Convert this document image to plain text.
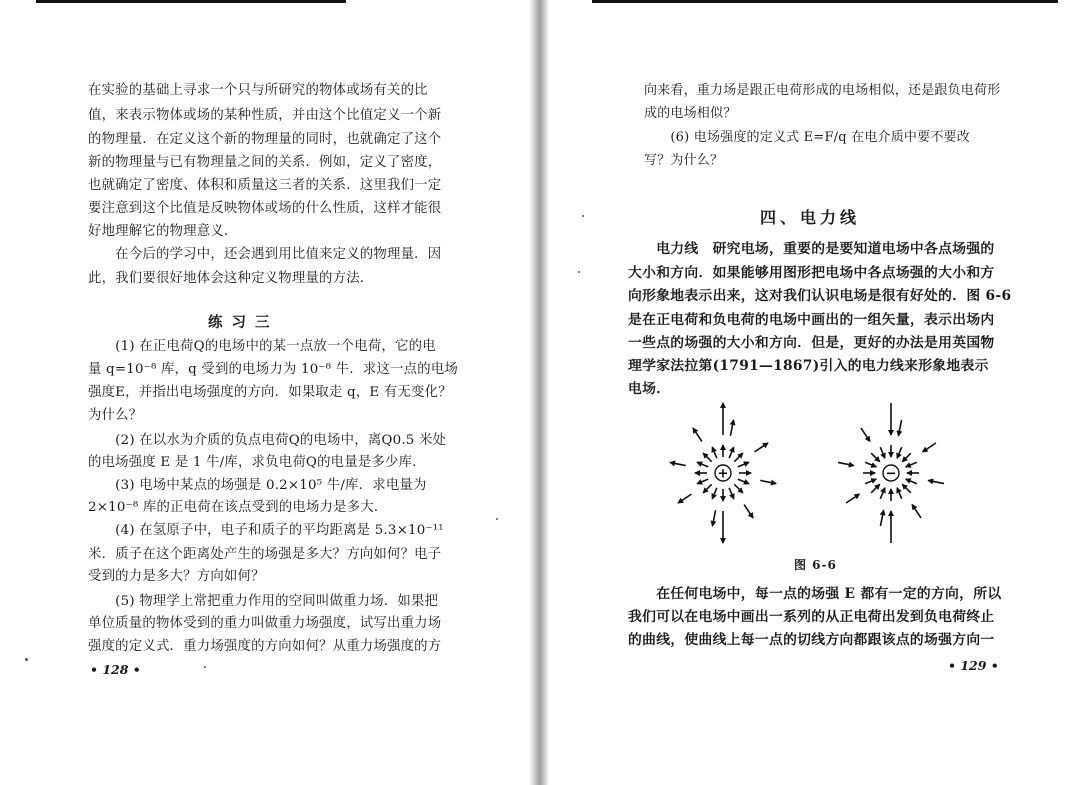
在实验的基础上寻求一个只与所研究的物体或场有关的比
值，来表示物体或场的某种性质，并由这个比值定义一个新
的物理量．在定义这个新的物理量的同时，也就确定了这个
新的物理量与已有物理量之间的关系．例如，定义了密度，
也就确定了密度、体积和质量这三者的关系．这里我们一定
要注意到这个比值是反映物体或场的什么性质，这样才能很
好地理解它的物理意义．
　　在今后的学习中，还会遇到用比值来定义的物理量．因
此，我们要很好地体会这种定义物理量的方法．
练习三
　　(1) 在正电荷Q的电场中的某一点放一个电荷，它的电
量 q=10⁻⁸ 库，q 受到的电场力为 10⁻⁸ 牛．求这一点的电场
强度E，并指出电场强度的方向．如果取走 q，E 有无变化？
为什么？
　　(2) 在以水为介质的负点电荷Q的电场中，离Q0.5 米处
的电场强度 E 是 1 牛/库，求负电荷Q的电量是多少库．
　　(3) 电场中某点的场强是 0.2×10⁵ 牛/库．求电量为
2×10⁻⁸ 库的正电荷在该点受到的电场力是多大．
　　(4) 在氢原子中，电子和质子的平均距离是 5.3×10⁻¹¹
米．质子在这个距离处产生的场强是多大？方向如何？电子
受到的力是多大？方向如何？
　　(5) 物理学上常把重力作用的空间叫做重力场．如果把
单位质量的物体受到的重力叫做重力场强度，试写出重力场
强度的定义式．重力场强度的方向如何？从重力场强度的方
• 128 •
向来看，重力场是跟正电荷形成的电场相似，还是跟负电荷形
成的电场相似？
　　(6) 电场强度的定义式 E=F/q 在电介质中要不要改
写？为什么？
四、电力线
　　电力线　研究电场，重要的是要知道电场中各点场强的
大小和方向．如果能够用图形把电场中各点场强的大小和方
向形象地表示出来，这对我们认识电场是很有好处的．图 6-6
是在正电荷和负电荷的电场中画出的一组矢量，表示出场内
一些点的场强的大小和方向．但是，更好的办法是用英国物
理学家法拉第(1791—1867)引入的电力线来形象地表示
电场．
+	−
图 6-6
　　在任何电场中，每一点的场强 E 都有一定的方向，所以
我们可以在电场中画出一系列的从正电荷出发到负电荷终止
的曲线，使曲线上每一点的切线方向都跟该点的场强方向一
• 129 •
